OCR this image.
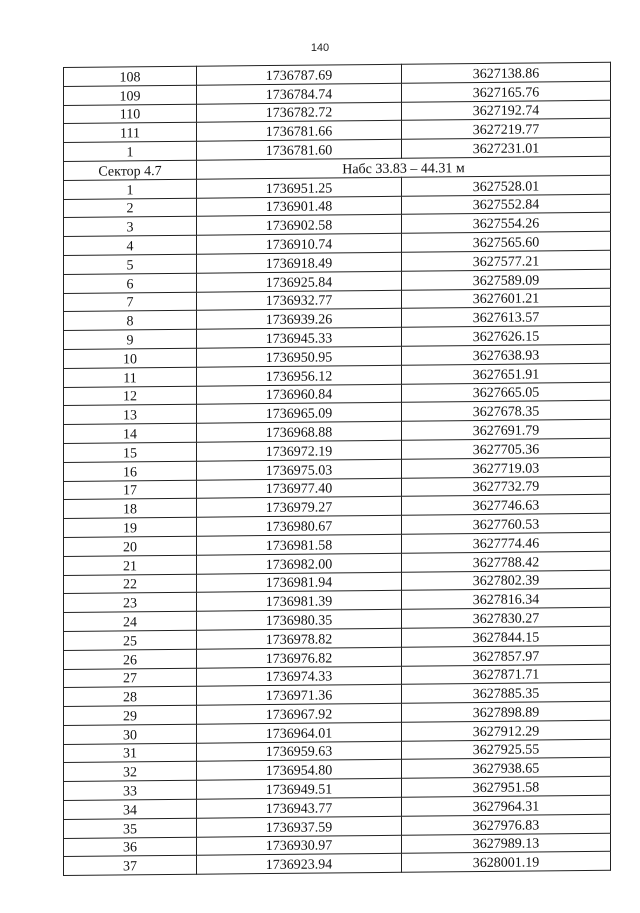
140
108	1736787.69	3627138.86
109	1736784.74	3627165.76
110	1736782.72	3627192.74
111	1736781.66	3627219.77
1	1736781.60	3627231.01
Сектор 4.7	Набс 33.83 – 44.31 м	
1	1736951.25	3627528.01
2	1736901.48	3627552.84
3	1736902.58	3627554.26
4	1736910.74	3627565.60
5	1736918.49	3627577.21
6	1736925.84	3627589.09
7	1736932.77	3627601.21
8	1736939.26	3627613.57
9	1736945.33	3627626.15
10	1736950.95	3627638.93
11	1736956.12	3627651.91
12	1736960.84	3627665.05
13	1736965.09	3627678.35
14	1736968.88	3627691.79
15	1736972.19	3627705.36
16	1736975.03	3627719.03
17	1736977.40	3627732.79
18	1736979.27	3627746.63
19	1736980.67	3627760.53
20	1736981.58	3627774.46
21	1736982.00	3627788.42
22	1736981.94	3627802.39
23	1736981.39	3627816.34
24	1736980.35	3627830.27
25	1736978.82	3627844.15
26	1736976.82	3627857.97
27	1736974.33	3627871.71
28	1736971.36	3627885.35
29	1736967.92	3627898.89
30	1736964.01	3627912.29
31	1736959.63	3627925.55
32	1736954.80	3627938.65
33	1736949.51	3627951.58
34	1736943.77	3627964.31
35	1736937.59	3627976.83
36	1736930.97	3627989.13
37	1736923.94	3628001.19
